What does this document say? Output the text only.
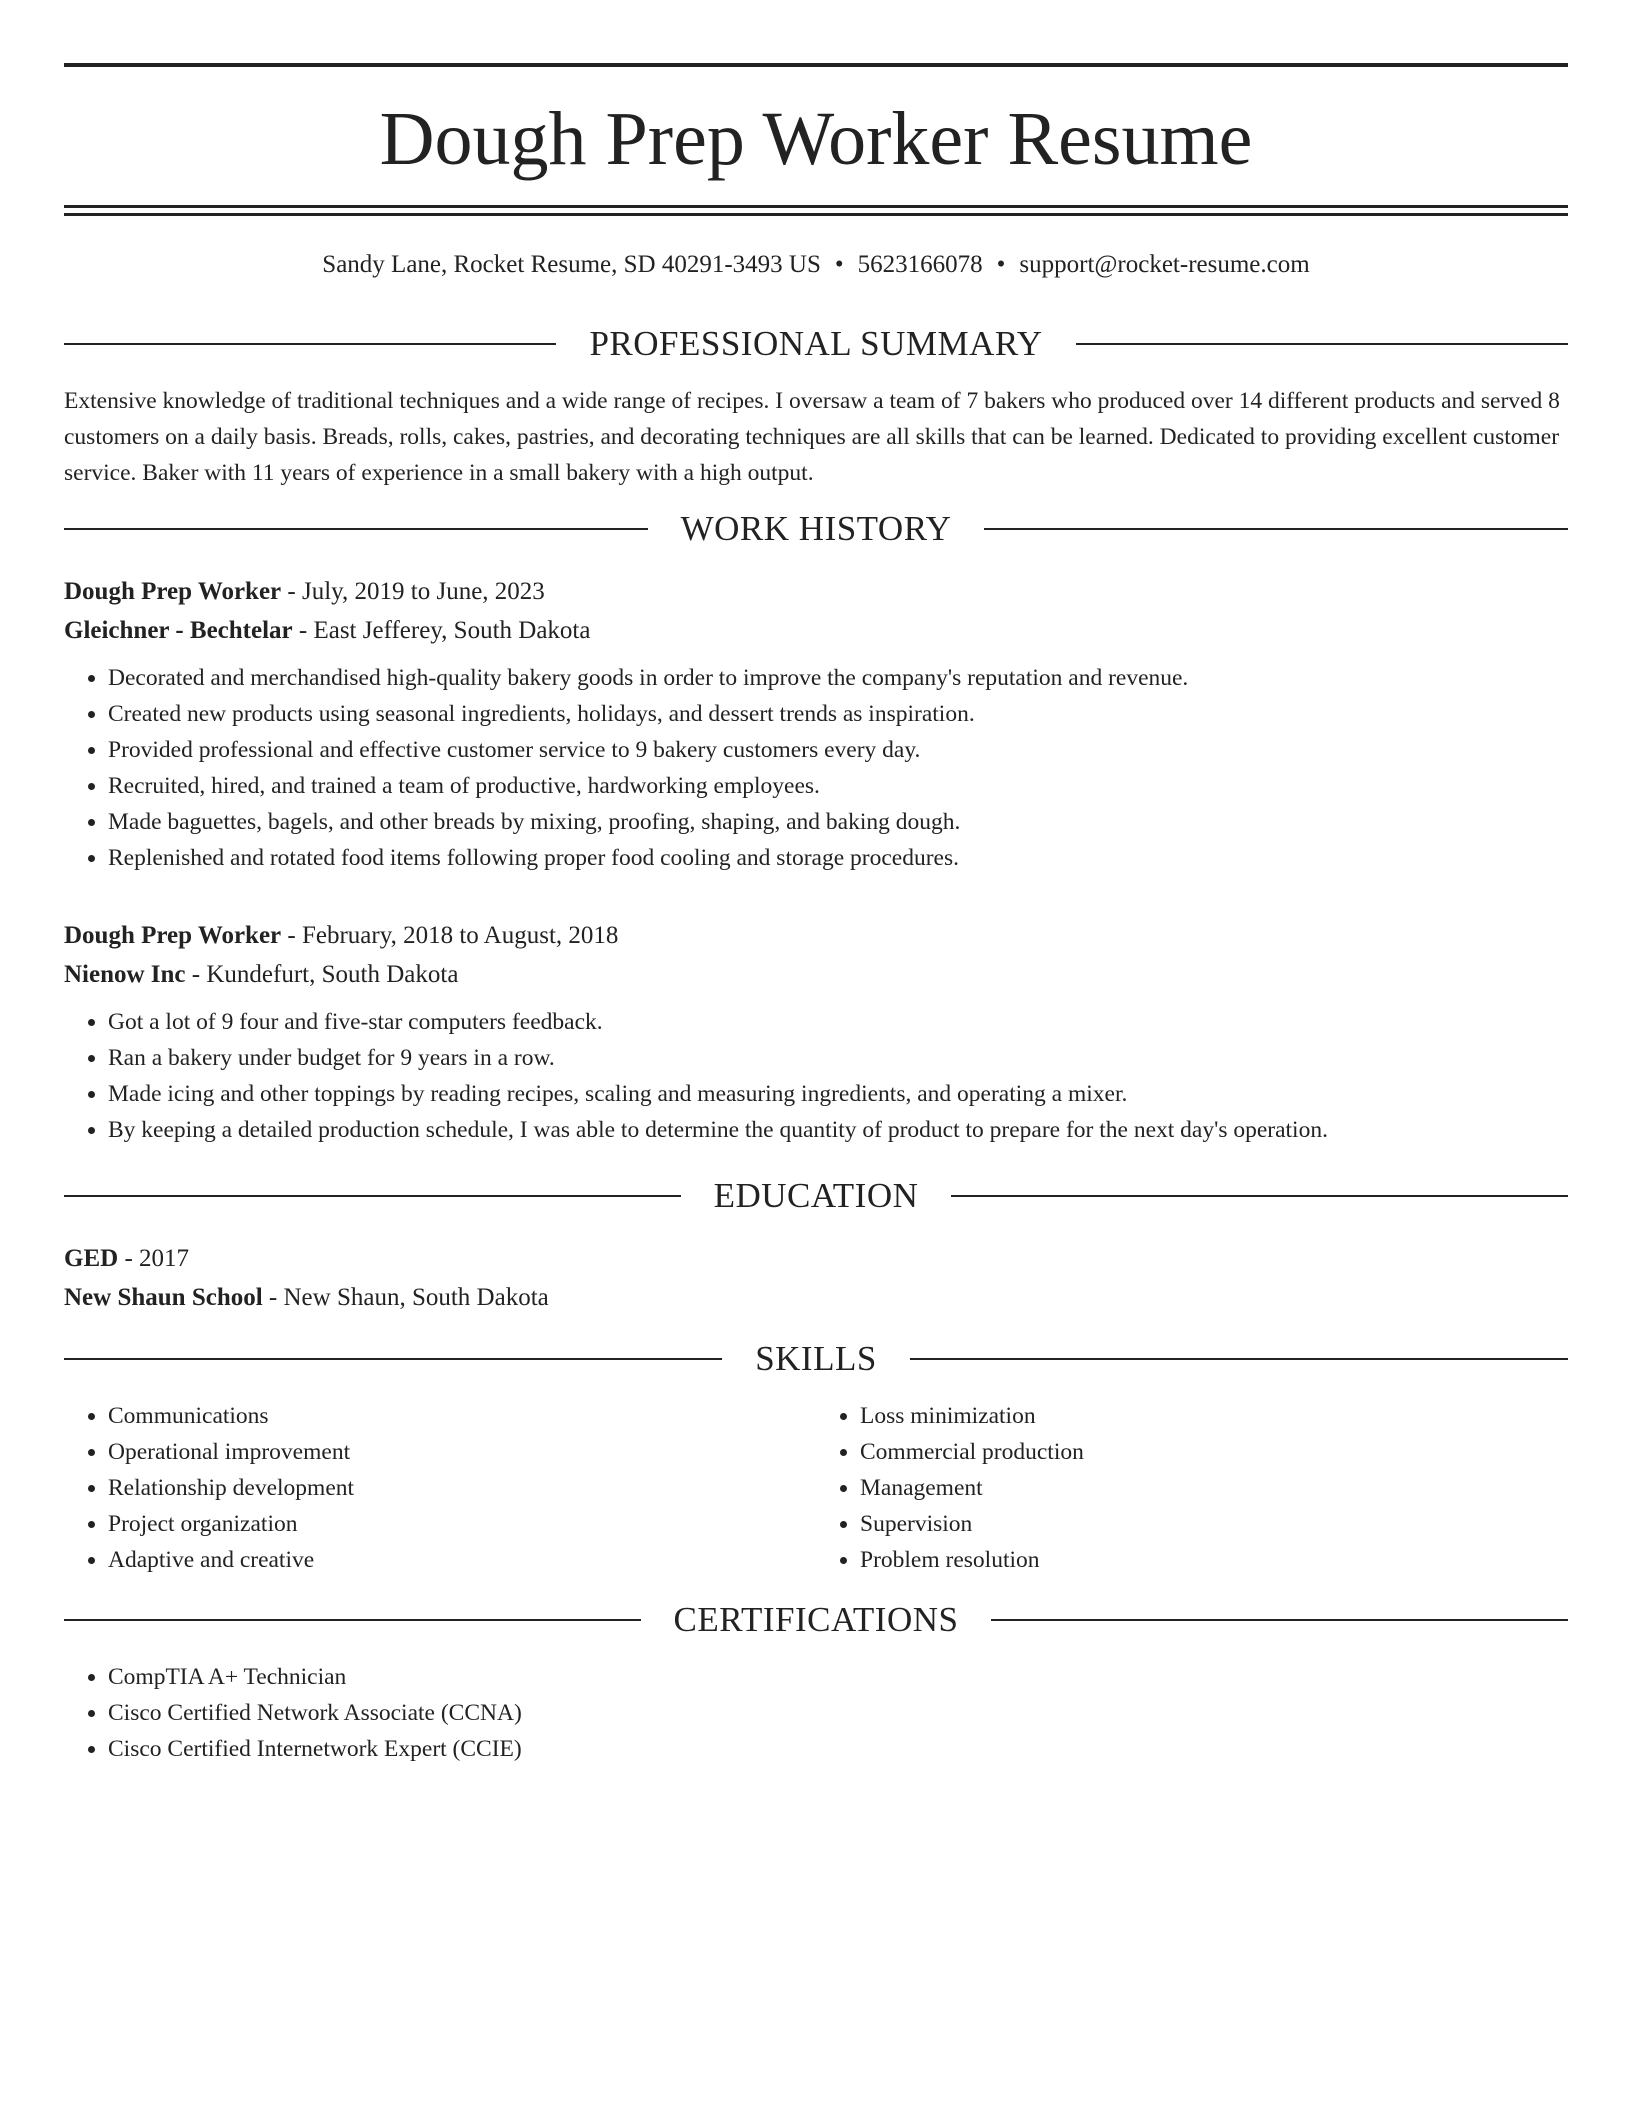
Dough Prep Worker Resume
Sandy Lane, Rocket Resume, SD 40291-3493 US • 5623166078 • support@rocket-resume.com
PROFESSIONAL SUMMARY

Extensive knowledge of traditional techniques and a wide range of recipes. I oversaw a team of 7 bakers who produced over 14 different products and served 8 customers on a daily basis. Breads, rolls, cakes, pastries, and decorating techniques are all skills that can be learned. Dedicated to providing excellent customer service. Baker with 11 years of experience in a small bakery with a high output.

WORK HISTORY
Dough Prep Worker - July, 2019 to June, 2023
Gleichner - Bechtelar - East Jefferey, South Dakota
• Decorated and merchandised high-quality bakery goods in order to improve the company's reputation and revenue.
• Created new products using seasonal ingredients, holidays, and dessert trends as inspiration.
• Provided professional and effective customer service to 9 bakery customers every day.
• Recruited, hired, and trained a team of productive, hardworking employees.
• Made baguettes, bagels, and other breads by mixing, proofing, shaping, and baking dough.
• Replenished and rotated food items following proper food cooling and storage procedures.
Dough Prep Worker - February, 2018 to August, 2018
Nienow Inc - Kundefurt, South Dakota
• Got a lot of 9 four and five-star computers feedback.
• Ran a bakery under budget for 9 years in a row.
• Made icing and other toppings by reading recipes, scaling and measuring ingredients, and operating a mixer.
• By keeping a detailed production schedule, I was able to determine the quantity of product to prepare for the next day's operation.
EDUCATION
GED - 2017
New Shaun School - New Shaun, South Dakota
SKILLS
• Communications
• Operational improvement
• Relationship development
• Project organization
• Adaptive and creative
• Loss minimization
• Commercial production
• Management
• Supervision
• Problem resolution
CERTIFICATIONS
• CompTIA A+ Technician
• Cisco Certified Network Associate (CCNA)
• Cisco Certified Internetwork Expert (CCIE)
